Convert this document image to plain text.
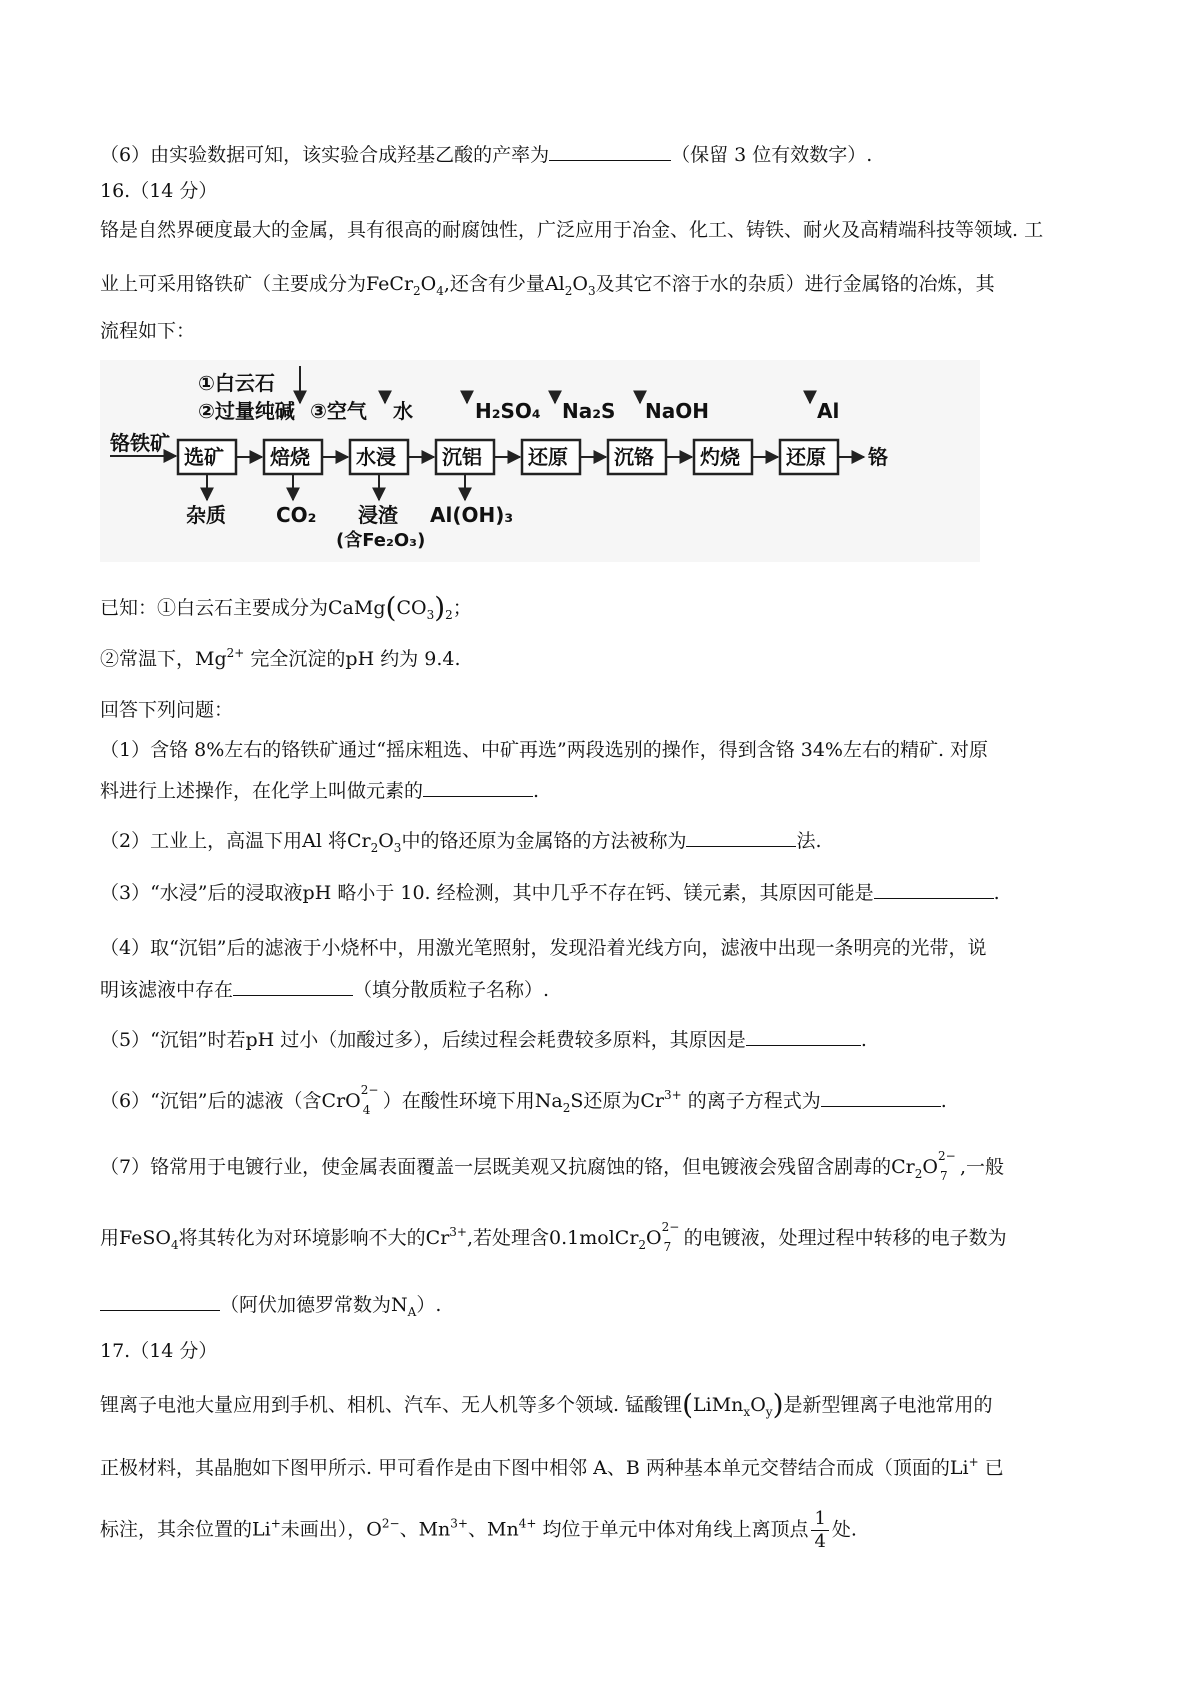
（6）由实验数据可知，该实验合成羟基乙酸的产率为	（保留 3 位有效数字）.
16.（14 分）
铬是自然界硬度最大的金属，具有很高的耐腐蚀性，广泛应用于冶金、化工、铸铁、耐火及高精端科技等领域. 工
业上可采用铬铁矿（主要成分为$FeCr_2O_4$,还含有少量$Al_2O_3$及其它不溶于水的杂质）进行金属铬的冶炼，其
流程如下：
①白云石
②过量纯碱 ③空气 水	H₂SO₄ Na₂S NaOH	Al
铬铁矿
选矿 焙烧 水浸 沉铝 还原 沉铬 灼烧 还原 铬
杂质	CO₂ 浸渣
(含Fe₂O₃)
Al(OH)₃
已知：①白云石主要成分为$CaMg(CO_3)_2$；
②常温下，$Mg^{2+}$ 完全沉淀的pH 约为 9.4.
回答下列问题：
（1）含铬 8%左右的铬铁矿通过“摇床粗选、中矿再选”两段选别的操作，得到含铬 34%左右的精矿. 对原
料进行上述操作，在化学上叫做元素的	.
（2）工业上，高温下用Al 将$Cr_2O_3$中的铬还原为金属铬的方法被称为	法.
（3）“水浸”后的浸取液pH 略小于 10. 经检测，其中几乎不存在钙、镁元素，其原因可能是	.
（4）取“沉铝”后的滤液于小烧杯中，用激光笔照射，发现沿着光线方向，滤液中出现一条明亮的光带，说
明该滤液中存在	（填分散质粒子名称）.
（5）“沉铝”时若pH 过小（加酸过多），后续过程会耗费较多原料，其原因是	.
（6）“沉铝”后的滤液（含CrO 2−
4 ）在酸性环境下用$Na_2S$还原为$Cr^{3+}$ 的离子方程式为	.
（7）铬常用于电镀行业，使金属表面覆盖一层既美观又抗腐蚀的铬，但电镀液会残留含剧毒的$Cr_2O$ 2−
7 ,一般
用FeSO$_4$将其转化为对环境影响不大的$Cr^{3+}$,若处理含0.1molCr$_2$O 2−
7 的电镀液，处理过程中转移的电子数为
（阿伏加德罗常数为$N_A$）.
17.（14 分）
锂离子电池大量应用到手机、相机、汽车、无人机等多个领域. 锰酸锂$(LiMn_xO_y)$是新型锂离子电池常用的
正极材料，其晶胞如下图甲所示. 甲可看作是由下图中相邻 A、B 两种基本单元交替结合而成（顶面的Li+ 已
标注，其余位置的Li+未画出），$O^{2-}$、$Mn^{3+}$、$Mn^{4+}$ 均位于单元中体对角线上离顶点 $\frac{1}{4}$ 处.
